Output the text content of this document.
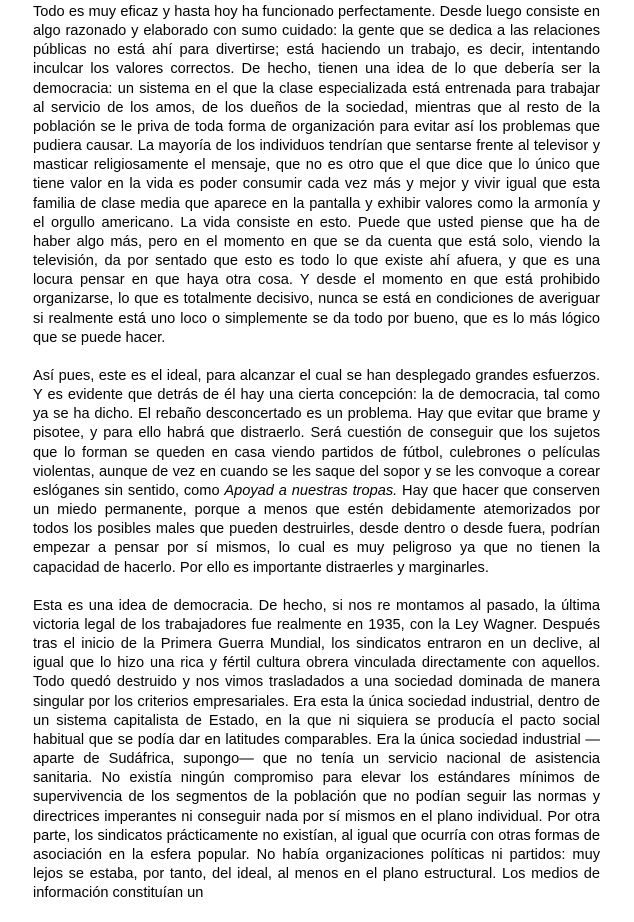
Todo es muy eficaz y hasta hoy ha funcionado perfectamente. Desde luego consiste en algo razonado y elaborado con sumo cuidado: la gente que se dedica a las relaciones públicas no está ahí para divertirse; está haciendo un trabajo, es decir, intentando inculcar los valores correctos. De hecho, tienen una idea de lo que debería ser la democracia: un sistema en el que la clase especializada está entrenada para trabajar al servicio de los amos, de los dueños de la sociedad, mientras que al resto de la población se le priva de toda forma de organización para evitar así los problemas que pudiera causar. La mayoría de los individuos tendrían que sentarse frente al televisor y masticar religiosamente el mensaje, que no es otro que el que dice que lo único que tiene valor en la vida es poder consumir cada vez más y mejor y vivir igual que esta familia de clase media que aparece en la pantalla y exhibir valores como la armonía y el orgullo americano. La vida consiste en esto. Puede que usted piense que ha de haber algo más, pero en el momento en que se da cuenta que está solo, viendo la televisión, da por sentado que esto es todo lo que existe ahí afuera, y que es una locura pensar en que haya otra cosa. Y desde el momento en que está prohibido organizarse, lo que es totalmente decisivo, nunca se está en condiciones de averiguar si realmente está uno loco o simplemente se da todo por bueno, que es lo más lógico que se puede hacer.

Así pues, este es el ideal, para alcanzar el cual se han desplegado grandes esfuerzos. Y es evidente que detrás de él hay una cierta concepción: la de democracia, tal como ya se ha dicho. El rebaño desconcertado es un problema. Hay que evitar que brame y pisotee, y para ello habrá que distraerlo. Será cuestión de conseguir que los sujetos que lo forman se queden en casa viendo partidos de fútbol, culebrones o películas violentas, aunque de vez en cuando se les saque del sopor y se les convoque a corear eslóganes sin sentido, como Apoyad a nuestras tropas. Hay que hacer que conserven un miedo permanente, porque a menos que estén debidamente atemorizados por todos los posibles males que pueden destruirles, desde dentro o desde fuera, podrían empezar a pensar por sí mismos, lo cual es muy peligroso ya que no tienen la capacidad de hacerlo. Por ello es importante distraerles y marginarles.

Esta es una idea de democracia. De hecho, si nos re montamos al pasado, la última victoria legal de los trabajadores fue realmente en 1935, con la Ley Wagner. Después tras el inicio de la Primera Guerra Mundial, los sindicatos entraron en un declive, al igual que lo hizo una rica y fértil cultura obrera vinculada directamente con aquellos. Todo quedó destruido y nos vimos trasladados a una sociedad dominada de manera singular por los criterios empresariales. Era esta la única sociedad industrial, dentro de un sistema capitalista de Estado, en la que ni siquiera se producía el pacto social habitual que se podía dar en latitudes comparables. Era la única sociedad industrial —aparte de Sudáfrica, supongo— que no tenía un servicio nacional de asistencia sanitaria. No existía ningún compromiso para elevar los estándares mínimos de supervivencia de los segmentos de la población que no podían seguir las normas y directrices imperantes ni conseguir nada por sí mismos en el plano individual. Por otra parte, los sindicatos prácticamente no existían, al igual que ocurría con otras formas de asociación en la esfera popular. No había organizaciones políticas ni partidos: muy lejos se estaba, por tanto, del ideal, al menos en el plano estructural. Los medios de información constituían un
